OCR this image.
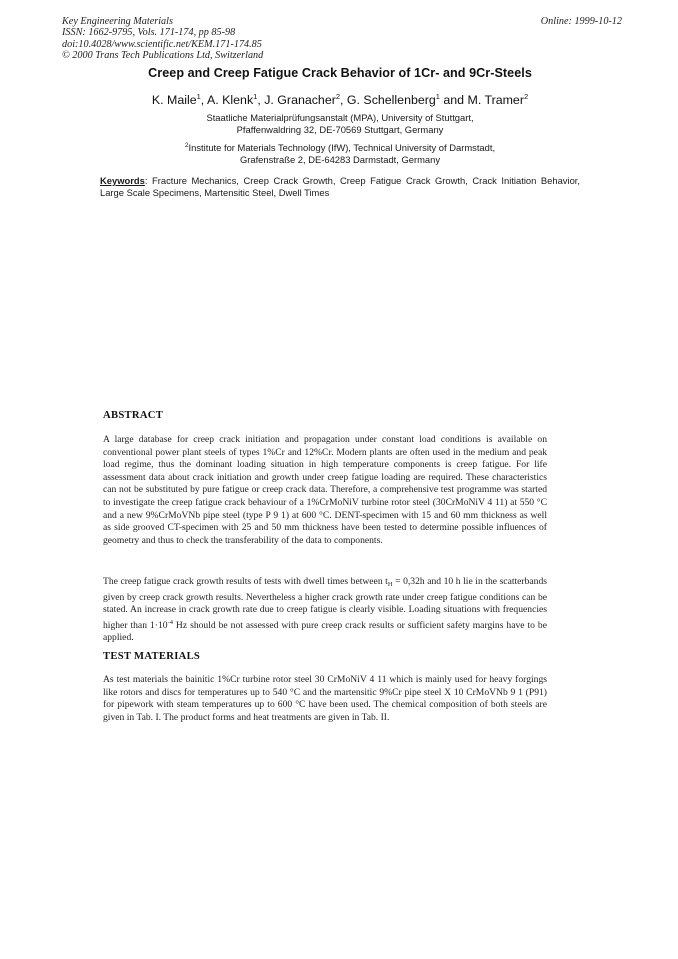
Key Engineering Materials
ISSN: 1662-9795, Vols. 171-174, pp 85-98
doi:10.4028/www.scientific.net/KEM.171-174.85
© 2000 Trans Tech Publications Ltd, Switzerland
Online: 1999-10-12
Creep and Creep Fatigue Crack Behavior of 1Cr- and 9Cr-Steels
K. Maile$^1$, A. Klenk$^1$, J. Granacher$^2$, G. Schellenberg$^1$ and M. Tramer$^2$
Staatliche Materialprüfungsanstalt (MPA), University of Stuttgart,
Pfaffenwaldring 32, DE-70569 Stuttgart, Germany
$^2$Institute for Materials Technology (IfW), Technical University of Darmstadt,
Grafenstraße 2, DE-64283 Darmstadt, Germany
Keywords: Fracture Mechanics, Creep Crack Growth, Creep Fatigue Crack Growth, Crack Initiation Behavior, Large Scale Specimens, Martensitic Steel, Dwell Times
ABSTRACT
A large database for creep crack initiation and propagation under constant load conditions is available on conventional power plant steels of types 1%Cr and 12%Cr. Modern plants are often used in the medium and peak load regime, thus the dominant loading situation in high temperature components is creep fatigue. For life assessment data about crack initiation and growth under creep fatigue loading are required. These characteristics can not be substituted by pure fatigue or creep crack data. Therefore, a comprehensive test programme was started to investigate the creep fatigue crack behaviour of a 1%CrMoNiV turbine rotor steel (30CrMoNiV 4 11) at 550 °C and a new 9%CrMoVNb pipe steel (type P 9 1) at 600 °C. DENT-specimen with 15 and 60 mm thickness as well as side grooved CT-specimen with 25 and 50 mm thickness have been tested to determine possible influences of geometry and thus to check the transferability of the data to components.
The creep fatigue crack growth results of tests with dwell times between $t_H = 0,32h$ and 10 h lie in the scatterbands given by creep crack growth results. Nevertheless a higher crack growth rate under creep fatigue conditions can be stated. An increase in crack growth rate due to creep fatigue is clearly visible. Loading situations with frequencies higher than $1\cdot 10^{-4}$ Hz should be not assessed with pure creep crack results or sufficient safety margins have to be applied.
TEST MATERIALS
As test materials the bainitic 1%Cr turbine rotor steel 30 CrMoNiV 4 11 which is mainly used for heavy forgings like rotors and discs for temperatures up to 540 °C and the martensitic 9%Cr pipe steel X 10 CrMoVNb 9 1 (P91) for pipework with steam temperatures up to 600 °C have been used. The chemical composition of both steels are given in Tab. I. The product forms and heat treatments are given in Tab. II.
